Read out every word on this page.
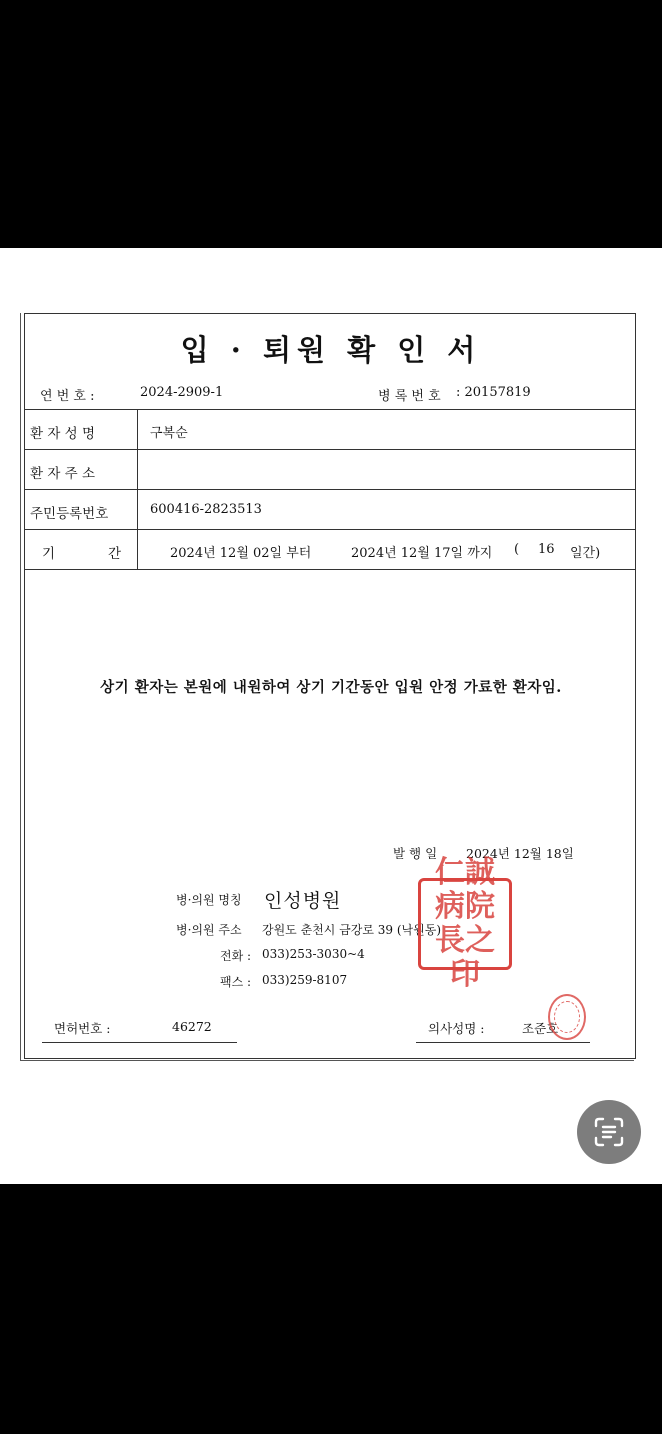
입 · 퇴원 확 인 서
연 번 호 :	2024-2909-1	병 록 번 호 : 20157819
환 자 성 명	구복순
환 자 주 소
주민등록번호	600416-2823513
기	간	2024년 12월 02일 부터	2024년 12월 17일 까지 ( 16 일간)
상기 환자는 본원에 내원하여 상기 기간동안 입원 안정 가료한 환자임.
발 행 일 2024년 12월 18일
병·의원 명칭 인성병원
병·의원 주소 강원도 춘천시 금강로 39 (낙원동)
전화 : 033)253-3030~4
팩스 : 033)259-8107
면허번호 :	46272	의사성명 :	조준호
仁誠病院長之印
